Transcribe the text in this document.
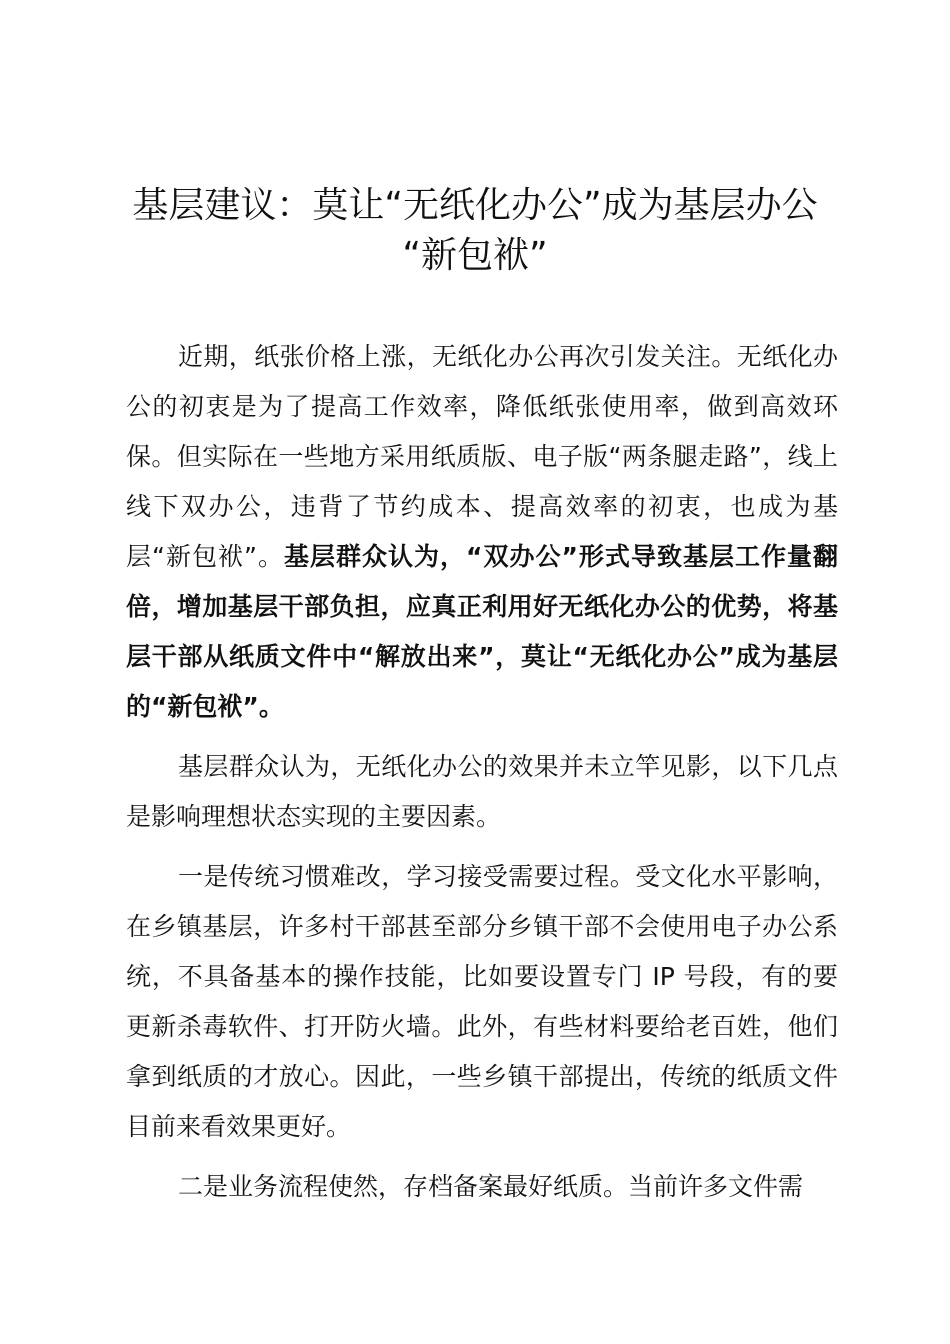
基层建议：莫让“无纸化办公”成为基层办公
“新包袱”

近期，纸张价格上涨，无纸化办公再次引发关注。无纸化办公的初衷是为了提高工作效率，降低纸张使用率，做到高效环保。但实际在一些地方采用纸质版、电子版“两条腿走路”，线上线下双办公，违背了节约成本、提高效率的初衷，也成为基层“新包袱”。基层群众认为，“双办公”形式导致基层工作量翻倍，增加基层干部负担，应真正利用好无纸化办公的优势，将基层干部从纸质文件中“解放出来”，莫让“无纸化办公”成为基层的“新包袱”。

基层群众认为，无纸化办公的效果并未立竿见影，以下几点是影响理想状态实现的主要因素。

一是传统习惯难改，学习接受需要过程。受文化水平影响，在乡镇基层，许多村干部甚至部分乡镇干部不会使用电子办公系统，不具备基本的操作技能，比如要设置专门 IP 号段，有的要更新杀毒软件、打开防火墙。此外，有些材料要给老百姓，他们拿到纸质的才放心。因此，一些乡镇干部提出，传统的纸质文件目前来看效果更好。

二是业务流程使然，存档备案最好纸质。当前许多文件需
